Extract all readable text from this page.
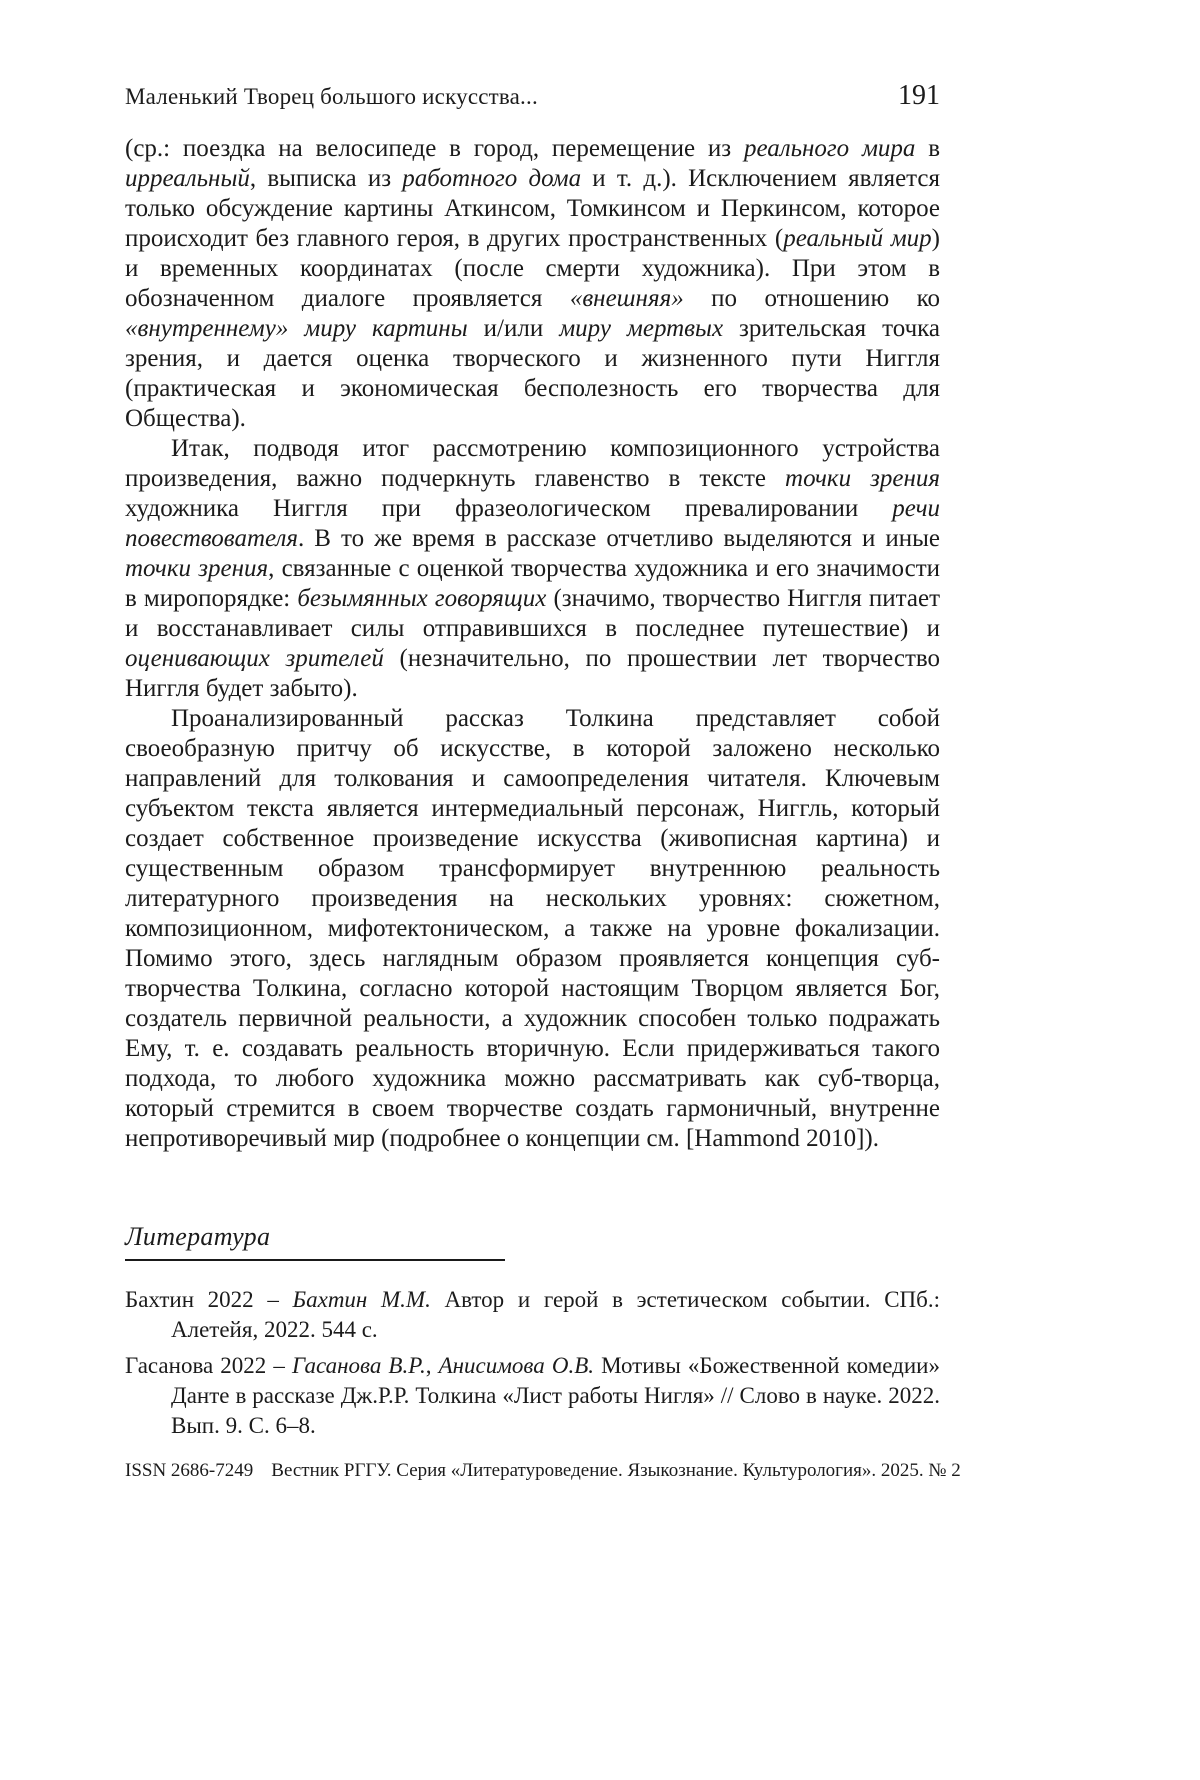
Маленький Творец большого искусства...	191

(ср.: поездка на велосипеде в город, перемещение из реального мира в ирреальный, выписка из работного дома и т. д.). Исключением является только обсуждение картины Аткинсом, Томкинсом и Перкинсом, которое происходит без главного героя, в других пространственных (реальный мир) и временных координатах (после смерти художника). При этом в обозначенном диалоге проявляется «внешняя» по отношению ко «внутреннему» миру картины и/или миру мертвых зрительская точка зрения, и дается оценка творческого и жизненного пути Ниггля (практическая и экономическая бесполезность его творчества для Общества).

Итак, подводя итог рассмотрению композиционного устройства произведения, важно подчеркнуть главенство в тексте точки зрения художника Ниггля при фразеологическом превалировании речи повествователя. В то же время в рассказе отчетливо выделяются и иные точки зрения, связанные с оценкой творчества художника и его значимости в миропорядке: безымянных говорящих (значимо, творчество Ниггля питает и восстанавливает силы отправившихся в последнее путешествие) и оценивающих зрителей (незначительно, по прошествии лет творчество Ниггля будет забыто).

Проанализированный рассказ Толкина представляет собой своеобразную притчу об искусстве, в которой заложено несколько направлений для толкования и самоопределения читателя. Ключевым субъектом текста является интермедиальный персонаж, Ниггль, который создает собственное произведение искусства (живописная картина) и существенным образом трансформирует внутреннюю реальность литературного произведения на нескольких уровнях: сюжетном, композиционном, мифотектоническом, а также на уровне фокализации. Помимо этого, здесь наглядным образом проявляется концепция суб-творчества Толкина, согласно которой настоящим Творцом является Бог, создатель первичной реальности, а художник способен только подражать Ему, т. е. создавать реальность вторичную. Если придерживаться такого подхода, то любого художника можно рассматривать как суб-творца, который стремится в своем творчестве создать гармоничный, внутренне непротиворечивый мир (подробнее о концепции см. [Hammond 2010]).

Литература

Бахтин 2022 – Бахтин М.М. Автор и герой в эстетическом событии. СПб.: Алетейя, 2022. 544 с.

Гасанова 2022 – Гасанова В.Р., Анисимова О.В. Мотивы «Божественной комедии» Данте в рассказе Дж.Р.Р. Толкина «Лист работы Нигля» // Слово в науке. 2022. Вып. 9. С. 6–8.

ISSN 2686-7249 Вестник РГГУ. Серия «Литературоведение. Языкознание. Культурология». 2025. № 2
